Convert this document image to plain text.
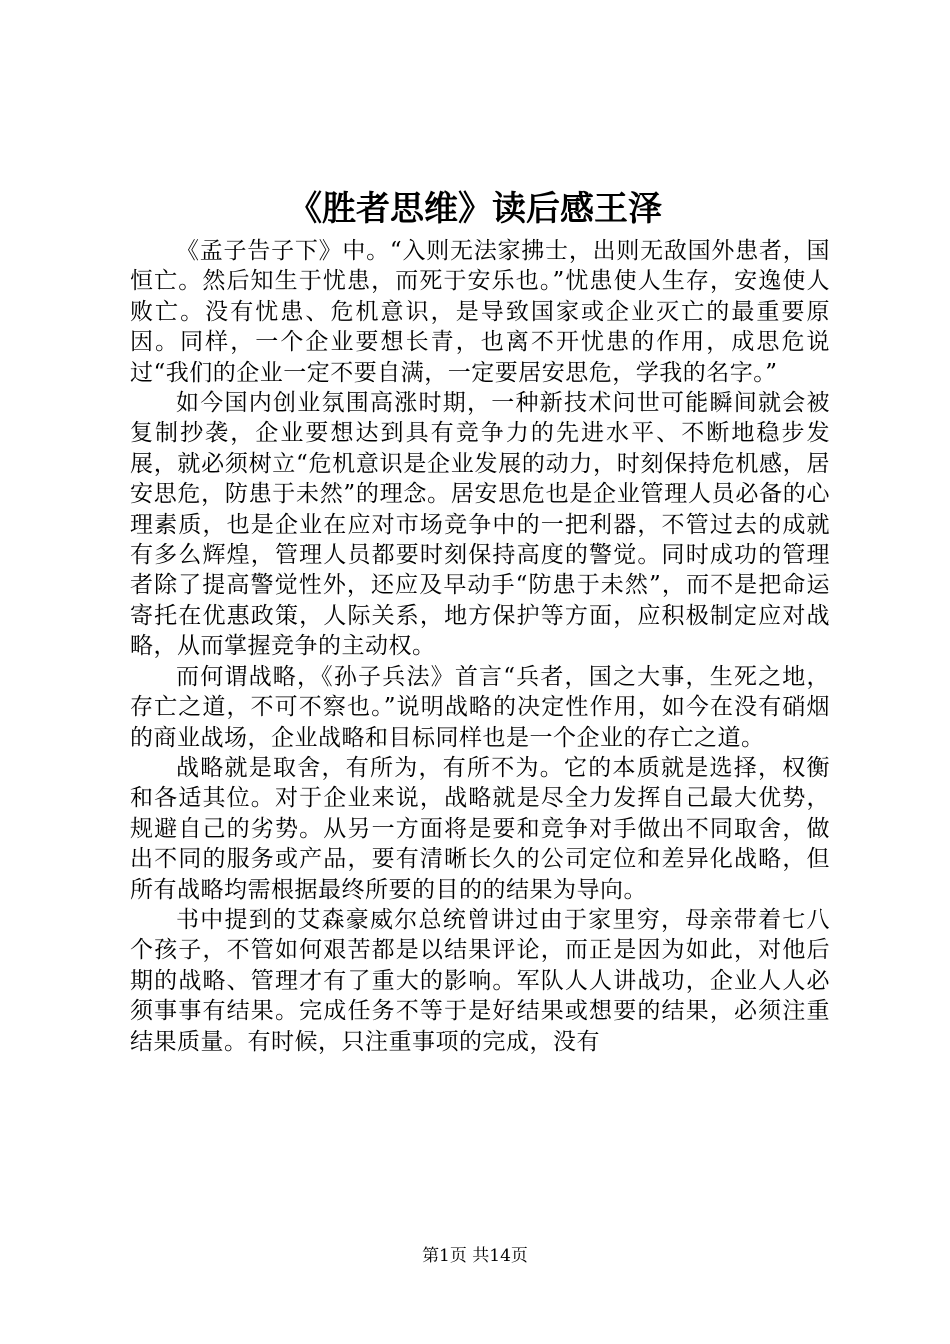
《胜者思维》读后感王泽

《孟子告子下》中。“入则无法家拂士，出则无敌国外患者，国恒亡。然后知生于忧患，而死于安乐也。”忧患使人生存，安逸使人败亡。没有忧患、危机意识，是导致国家或企业灭亡的最重要原因。同样，一个企业要想长青，也离不开忧患的作用，成思危说过“我们的企业一定不要自满，一定要居安思危，学我的名字。”

如今国内创业氛围高涨时期，一种新技术问世可能瞬间就会被复制抄袭，企业要想达到具有竞争力的先进水平、不断地稳步发展，就必须树立“危机意识是企业发展的动力，时刻保持危机感，居安思危，防患于未然”的理念。居安思危也是企业管理人员必备的心理素质，也是企业在应对市场竞争中的一把利器，不管过去的成就有多么辉煌，管理人员都要时刻保持高度的警觉。同时成功的管理者除了提高警觉性外，还应及早动手“防患于未然”，而不是把命运寄托在优惠政策，人际关系，地方保护等方面，应积极制定应对战略，从而掌握竞争的主动权。

而何谓战略，《孙子兵法》首言“兵者，国之大事，生死之地，存亡之道，不可不察也。”说明战略的决定性作用，如今在没有硝烟的商业战场，企业战略和目标同样也是一个企业的存亡之道。

战略就是取舍，有所为，有所不为。它的本质就是选择，权衡和各适其位。对于企业来说，战略就是尽全力发挥自己最大优势，规避自己的劣势。从另一方面将是要和竞争对手做出不同取舍，做出不同的服务或产品，要有清晰长久的公司定位和差异化战略，但所有战略均需根据最终所要的目的的结果为导向。

书中提到的艾森豪威尔总统曾讲过由于家里穷，母亲带着七八个孩子，不管如何艰苦都是以结果评论，而正是因为如此，对他后期的战略、管理才有了重大的影响。军队人人讲战功，企业人人必须事事有结果。完成任务不等于是好结果或想要的结果，必须注重结果质量。有时候，只注重事项的完成，没有

第1页 共14页
